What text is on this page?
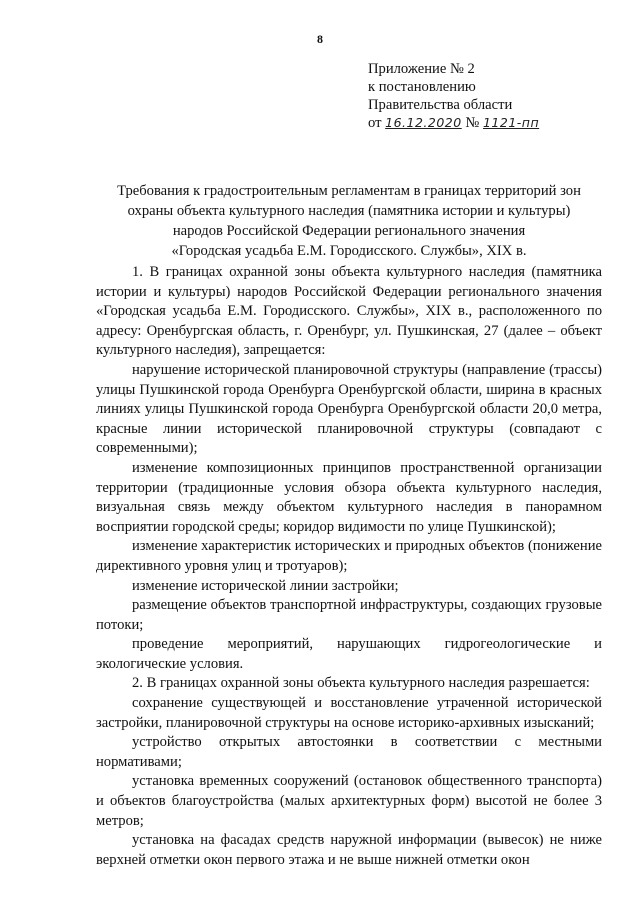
8
Приложение № 2
к постановлению
Правительства области
от 16.12.2020 № 1121-пп
Требования к градостроительным регламентам в границах территорий зон
охраны объекта культурного наследия (памятника истории и культуры)
народов Российской Федерации регионального значения
«Городская усадьба Е.М. Городисского. Службы», XIX в.

1. В границах охранной зоны объекта культурного наследия (памятника истории и культуры) народов Российской Федерации регионального значения «Городская усадьба Е.М. Городисского. Службы», XIX в., расположенного по адресу: Оренбургская область, г. Оренбург, ул. Пушкинская, 27 (далее – объект культурного наследия), запрещается:

нарушение исторической планировочной структуры (направление (трассы) улицы Пушкинской города Оренбурга Оренбургской области, ширина в красных линиях улицы Пушкинской города Оренбурга Оренбургской области 20,0 метра, красные линии исторической планировочной структуры (совпадают с современными);

изменение композиционных принципов пространственной организации территории (традиционные условия обзора объекта культурного наследия, визуальная связь между объектом культурного наследия в панорамном восприятии городской среды; коридор видимости по улице Пушкинской);

изменение характеристик исторических и природных объектов (понижение директивного уровня улиц и тротуаров);

изменение исторической линии застройки;

размещение объектов транспортной инфраструктуры, создающих грузовые потоки;

проведение мероприятий, нарушающих гидрогеологические и экологические условия.

2. В границах охранной зоны объекта культурного наследия разрешается:

сохранение существующей и восстановление утраченной исторической застройки, планировочной структуры на основе историко-архивных изысканий;

устройство открытых автостоянки в соответствии с местными нормативами;

установка временных сооружений (остановок общественного транспорта) и объектов благоустройства (малых архитектурных форм) высотой не более 3 метров;

установка на фасадах средств наружной информации (вывесок) не ниже верхней отметки окон первого этажа и не выше нижней отметки окон
